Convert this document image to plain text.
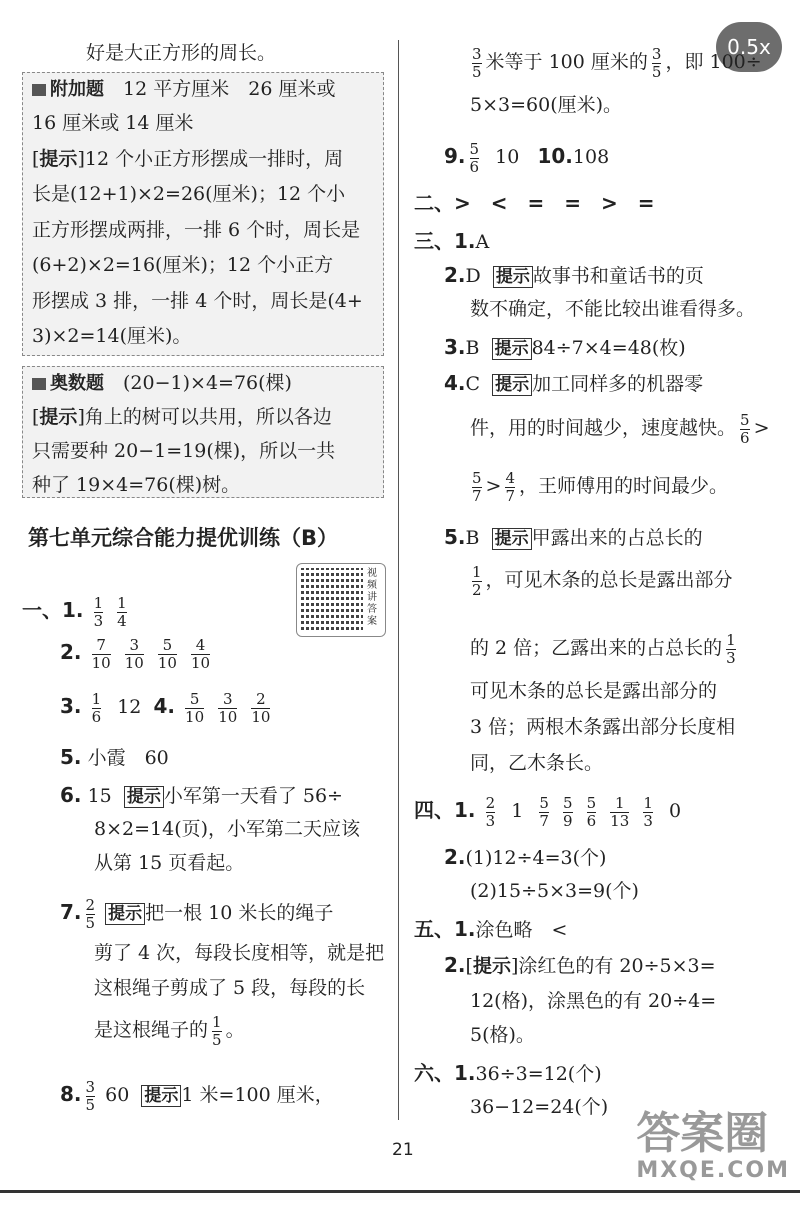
0.5x
好是大正方形的周长。
附加题　 12 平方厘米　26 厘米或
16 厘米或 14 厘米
[提示]12 个小正方形摆成一排时，周
长是(12+1)×2=26(厘米)；12 个小
正方形摆成两排，一排 6 个时，周长是
(6+2)×2=16(厘米)；12 个小正方
形摆成 3 排，一排 4 个时，周长是(4+
3)×2=14(厘米)。
奥数题　 (20−1)×4=76(棵)
[提示]角上的树可以共用，所以各边
只需要种 20−1=19(棵)，所以一共
种了 19×4=76(棵)树。
第七单元综合能力提优训练（B）
视频讲答案
一、1. $\frac{1}{3}$
$\frac{1}{4}$
2. $\frac{7}{10}$
$\frac{3}{10}$
$\frac{5}{10}$
$\frac{4}{10}$
3. $\frac{1}{6} 12$ 4. $\frac{5}{10}$
$\frac{3}{10}$
$\frac{2}{10}$
5. 小霞　60
6. 15 提示 小军第一天看了 56÷
8×2=14(页)，小军第二天应该
从第 15 页看起。
7. $\frac{2}{5}$ 提示 把一根 10 米长的绳子
剪了 4 次，每段长度相等，就是把
这根绳子剪成了 5 段，每段的长
是这根绳子的 $\frac{1}{5}$ 。
8. $\frac{3}{5} 60$ 提示 1 米=100 厘米，
$\frac{3}{5}$ 米等于 100 厘米的 $\frac{3}{5}$ ，即 100÷
5×3=60(厘米)。
9. $\frac{5}{6} 10$ 10.108
二、>　<　=　=　>　=
三、1.A
2.D 提示 故事书和童话书的页
数不确定，不能比较出谁看得多。
3.B 提示 84÷7×4=48(枚)
4.C 提示 加工同样多的机器零
件，用的时间越少，速度越快。 $\frac{5}{6}$ >
$\frac{5}{7} > \frac{4}{7}$ ，王师傅用的时间最少。
5.B 提示 甲露出来的占总长的
$\frac{1}{2}$ ，可见木条的总长是露出部分
的 2 倍；乙露出来的占总长的 $\frac{1}{3}$
可见木条的总长是露出部分的
3 倍；两根木条露出部分长度相
同，乙木条长。
四、1. $\frac{2}{3} 1 \frac{5}{7}$
$\frac{5}{9}$
$\frac{5}{6}$
$\frac{1}{13}$
$\frac{1}{3} 0$
2.(1)12÷4=3(个)
(2)15÷5×3=9(个)
五、1.涂色略　<
2.[提示]涂红色的有 20÷5×3=
12(格)，涂黑色的有 20÷4=
5(格)。
六、1.36÷3=12(个)
36−12=24(个)
21	答案圈
MXQE.COM
